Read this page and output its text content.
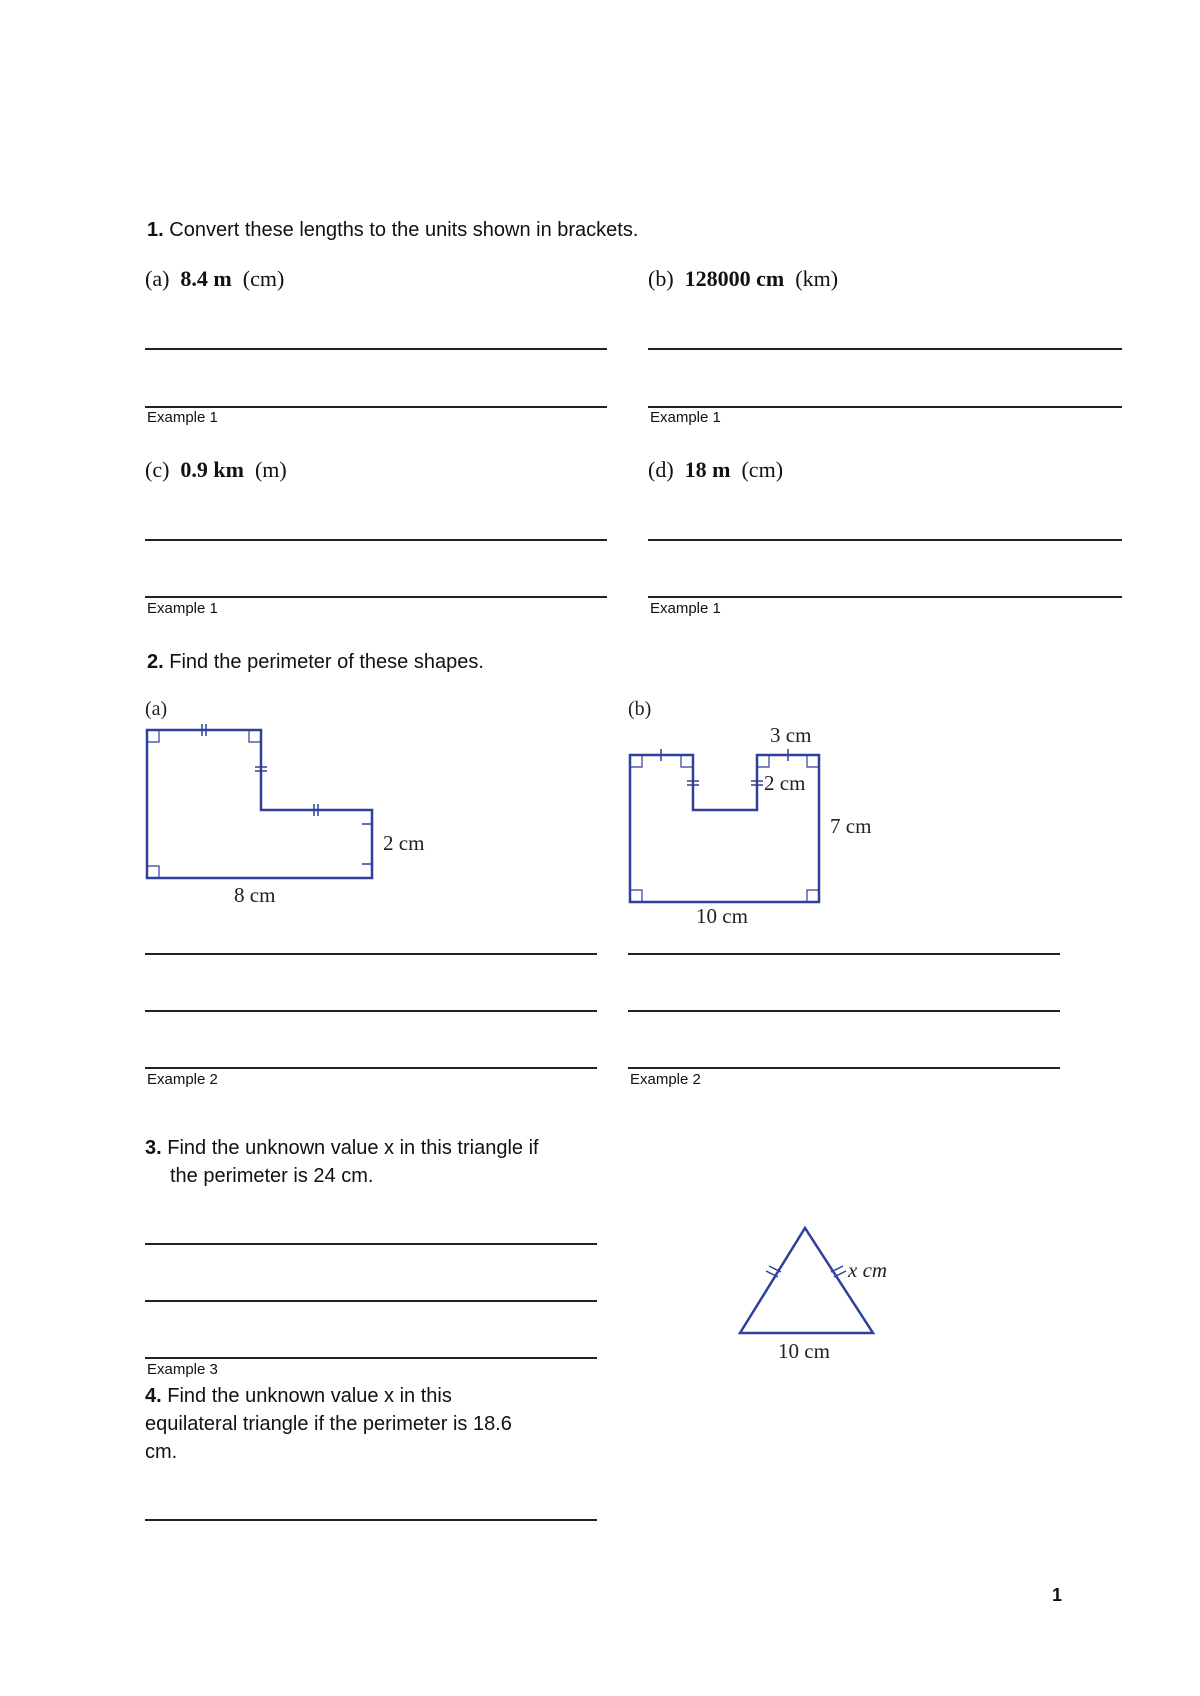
1. Convert these lengths to the units shown in brackets.
(a) 8.4 m (cm)	(b) 128000 cm (km)
Example 1	Example 1
(c) 0.9 km (m)	(d) 18 m (cm)
Example 1	Example 1
2. Find the perimeter of these shapes.
(a)	(b)
2 cm
8 cm
3 cm
2 cm
7 cm
10 cm
Example 2	Example 2
3. Find the unknown value x in this triangle if
the perimeter is 24 cm.
Example 3
x cm
10 cm
4. Find the unknown value x in this
equilateral triangle if the perimeter is 18.6
cm.
1
